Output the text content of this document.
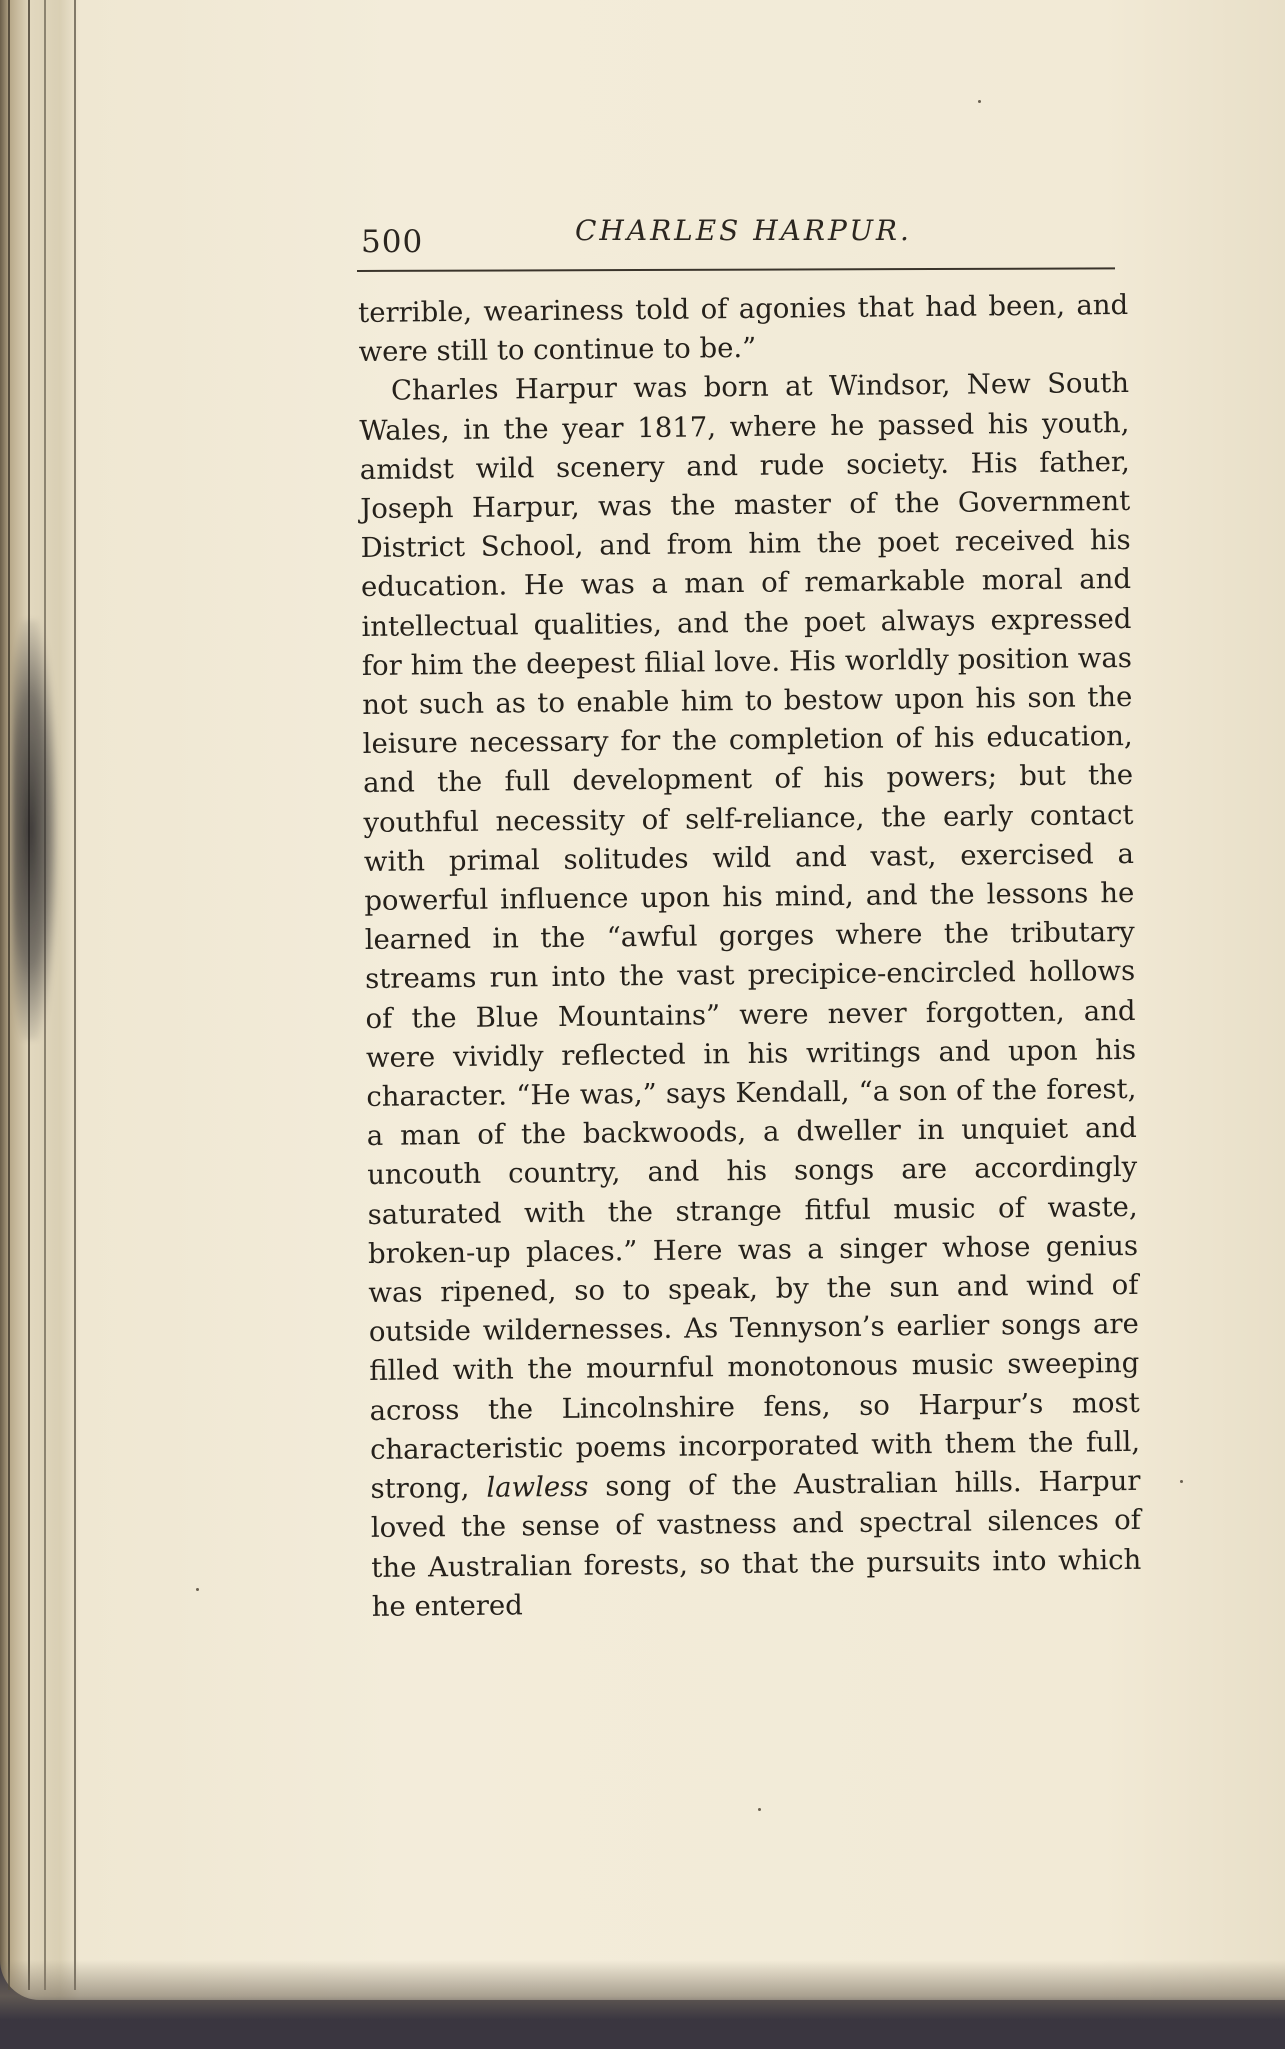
500	CHARLES HARPUR.

terrible, weariness told of agonies that had been, and were still to continue to be.”

Charles Harpur was born at Windsor, New South Wales, in the year 1817, where he passed his youth, amidst wild scenery and rude society. His father, Joseph Harpur, was the master of the Government District School, and from him the poet received his education. He was a man of remarkable moral and intellectual qualities, and the poet always expressed for him the deepest filial love. His worldly position was not such as to enable him to bestow upon his son the leisure necessary for the completion of his education, and the full development of his powers; but the youthful necessity of self-reliance, the early contact with primal solitudes wild and vast, exercised a powerful influence upon his mind, and the lessons he learned in the “awful gorges where the tributary streams run into the vast precipice-encircled hollows of the Blue Mountains” were never forgotten, and were vividly reflected in his writings and upon his character. “He was,” says Kendall, “a son of the forest, a man of the backwoods, a dweller in unquiet and uncouth country, and his songs are accordingly saturated with the strange fitful music of waste, broken-up places.” Here was a singer whose genius was ripened, so to speak, by the sun and wind of outside wildernesses. As Tennyson’s earlier songs are filled with the mournful monotonous music sweeping across the Lincolnshire fens, so Harpur’s most characteristic poems incorporated with them the full, strong, lawless song of the Australian hills. Harpur loved the sense of vastness and spectral silences of the Australian forests, so that the pursuits into which he entered
